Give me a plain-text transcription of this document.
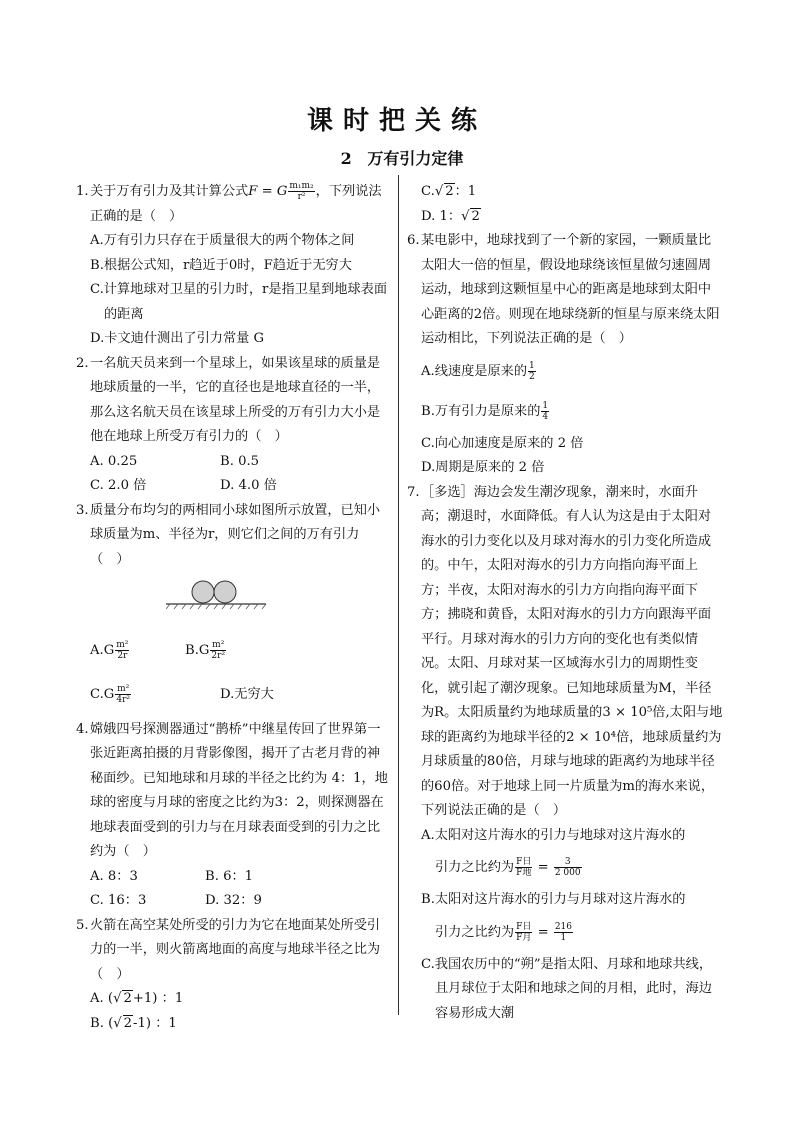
课时把关练
2 万有引力定律
1. 关于万有引力及其计算公式F = G $\frac{\text{m₁m₂}}{\text{r²}}$ ，下列说法正确的是（　）
A.万有引力只存在于质量很大的两个物体之间
B.根据公式知，r趋近于0时，F趋近于无穷大
C.计算地球对卫星的引力时，r是指卫星到地球表面的距离
D.卡文迪什测出了引力常量 G
2. 一名航天员来到一个星球上，如果该星球的质量是地球质量的一半，它的直径也是地球直径的一半，那么这名航天员在该星球上所受的万有引力大小是他在地球上所受万有引力的（　）
A. 0.25	B. 0.5
C. 2.0 倍	D. 4.0 倍
3. 质量分布均匀的两相同小球如图所示放置，已知小球质量为m、半径为r，则它们之间的万有引力（　）
$A.G \frac{\text{m²}}{2r}$	$B.G \frac{\text{m²}}{\text{2r²}}$
$C.G \frac{\text{m²}}{\text{4r²}}$	D.无穷大
4. 嫦娥四号探测器通过“鹊桥”中继星传回了世界第一张近距离拍摄的月背影像图，揭开了古老月背的神秘面纱。已知地球和月球的半径之比约为 4：1，地球的密度与月球的密度之比约为3：2，则探测器在地球表面受到的引力与在月球表面受到的引力之比约为（　）
A. 8：3	B. 6：1
C. 16：3	D. 32：9
5. 火箭在高空某处所受的引力为它在地面某处所受引力的一半，则火箭离地面的高度与地球半径之比为（　）
A. (√ 2+1) ：1
B. (√ 2-1) ：1
C.√ 2：1
D. 1：√ 2
6. 某电影中，地球找到了一个新的家园，一颗质量比太阳大一倍的恒星，假设地球绕该恒星做匀速圆周运动，地球到这颗恒星中心的距离是地球到太阳中心距离的2倍。则现在地球绕新的恒星与原来绕太阳运动相比，下列说法正确的是（　）
A.线速度是原来的 $\frac{1}{2}$
B.万有引力是原来的 $\frac{1}{4}$
C.向心加速度是原来的 2 倍
D.周期是原来的 2 倍
7. ［多选］海边会发生潮汐现象，潮来时，水面升高；潮退时，水面降低。有人认为这是由于太阳对海水的引力变化以及月球对海水的引力变化所造成的。中午，太阳对海水的引力方向指向海平面上方；半夜，太阳对海水的引力方向指向海平面下方；拂晓和黄昏，太阳对海水的引力方向跟海平面平行。月球对海水的引力方向的变化也有类似情况。太阳、月球对某一区域海水引力的周期性变化，就引起了潮汐现象。已知地球质量为M，半径为R。太阳质量约为地球质量的3 × 10⁵倍,太阳与地球的距离约为地球半径的2 × 10⁴倍，地球质量约为月球质量的80倍，月球与地球的距离约为地球半径的60倍。对于地球上同一片质量为m的海水来说，下列说法正确的是（　）
A.太阳对这片海水的引力与地球对这片海水的
引力之比约为 $\frac{\text{F日}}{\text{F地}} = \frac{3}{2 000}$
B.太阳对这片海水的引力与月球对这片海水的
引力之比约为 $\frac{\text{F日}}{\text{F月}} = \frac{216}{1}$
C.我国农历中的“朔”是指太阳、月球和地球共线，且月球位于太阳和地球之间的月相，此时，海边容易形成大潮
